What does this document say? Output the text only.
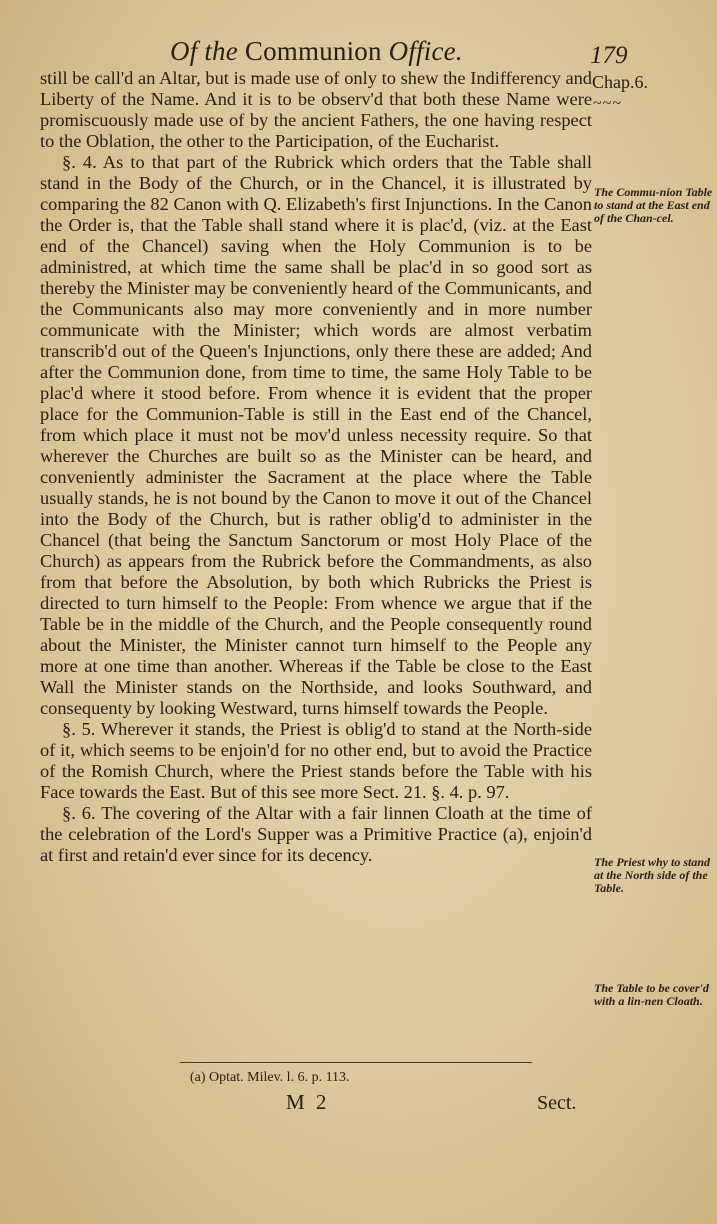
Of the Communion Office.	179
Chap.6.
~~~

still be call'd an Altar, but is made use of only to shew the Indifferency and Liberty of the Name. And it is to be observ'd that both these Name were promiscuously made use of by the ancient Fathers, the one having respect to the Oblation, the other to the Participation, of the Eucharist.

§. 4. As to that part of the Rubrick which orders that the Table shall stand in the Body of the Church, or in the Chancel, it is illustrated by comparing the 82 Canon with Q. Elizabeth's first Injunctions. In the Canon the Order is, that the Table shall stand where it is plac'd, (viz. at the East end of the Chancel) saving when the Holy Communion is to be administred, at which time the same shall be plac'd in so good sort as thereby the Minister may be conveniently heard of the Communicants, and the Communicants also may more conveniently and in more number communicate with the Minister; which words are almost verbatim transcrib'd out of the Queen's Injunctions, only there these are added; And after the Communion done, from time to time, the same Holy Table to be plac'd where it stood before. From whence it is evident that the proper place for the Communion-Table is still in the East end of the Chancel, from which place it must not be mov'd unless necessity require. So that wherever the Churches are built so as the Minister can be heard, and conveniently administer the Sacrament at the place where the Table usually stands, he is not bound by the Canon to move it out of the Chancel into the Body of the Church, but is rather oblig'd to administer in the Chancel (that being the Sanctum Sanctorum or most Holy Place of the Church) as appears from the Rubrick before the Commandments, as also from that before the Absolution, by both which Rubricks the Priest is directed to turn himself to the People: From whence we argue that if the Table be in the middle of the Church, and the People consequently round about the Minister, the Minister cannot turn himself to the People any more at one time than another. Whereas if the Table be close to the East Wall the Minister stands on the Northside, and looks Southward, and consequenty by looking Westward, turns himself towards the People.

§. 5. Wherever it stands, the Priest is oblig'd to stand at the North-side of it, which seems to be enjoin'd for no other end, but to avoid the Practice of the Romish Church, where the Priest stands before the Table with his Face towards the East. But of this see more Sect. 21. §. 4. p. 97.

§. 6. The covering of the Altar with a fair linnen Cloath at the time of the celebration of the Lord's Supper was a Primitive Practice (a), enjoin'd at first and retain'd ever since for its decency.

The Commu-nion Table to stand at the East end of the Chan-cel.
The Priest why to stand at the North side of the Table.
The Table to be cover'd with a lin-nen Cloath.
(a) Optat. Milev. l. 6. p. 113.
M 2	Sect.
